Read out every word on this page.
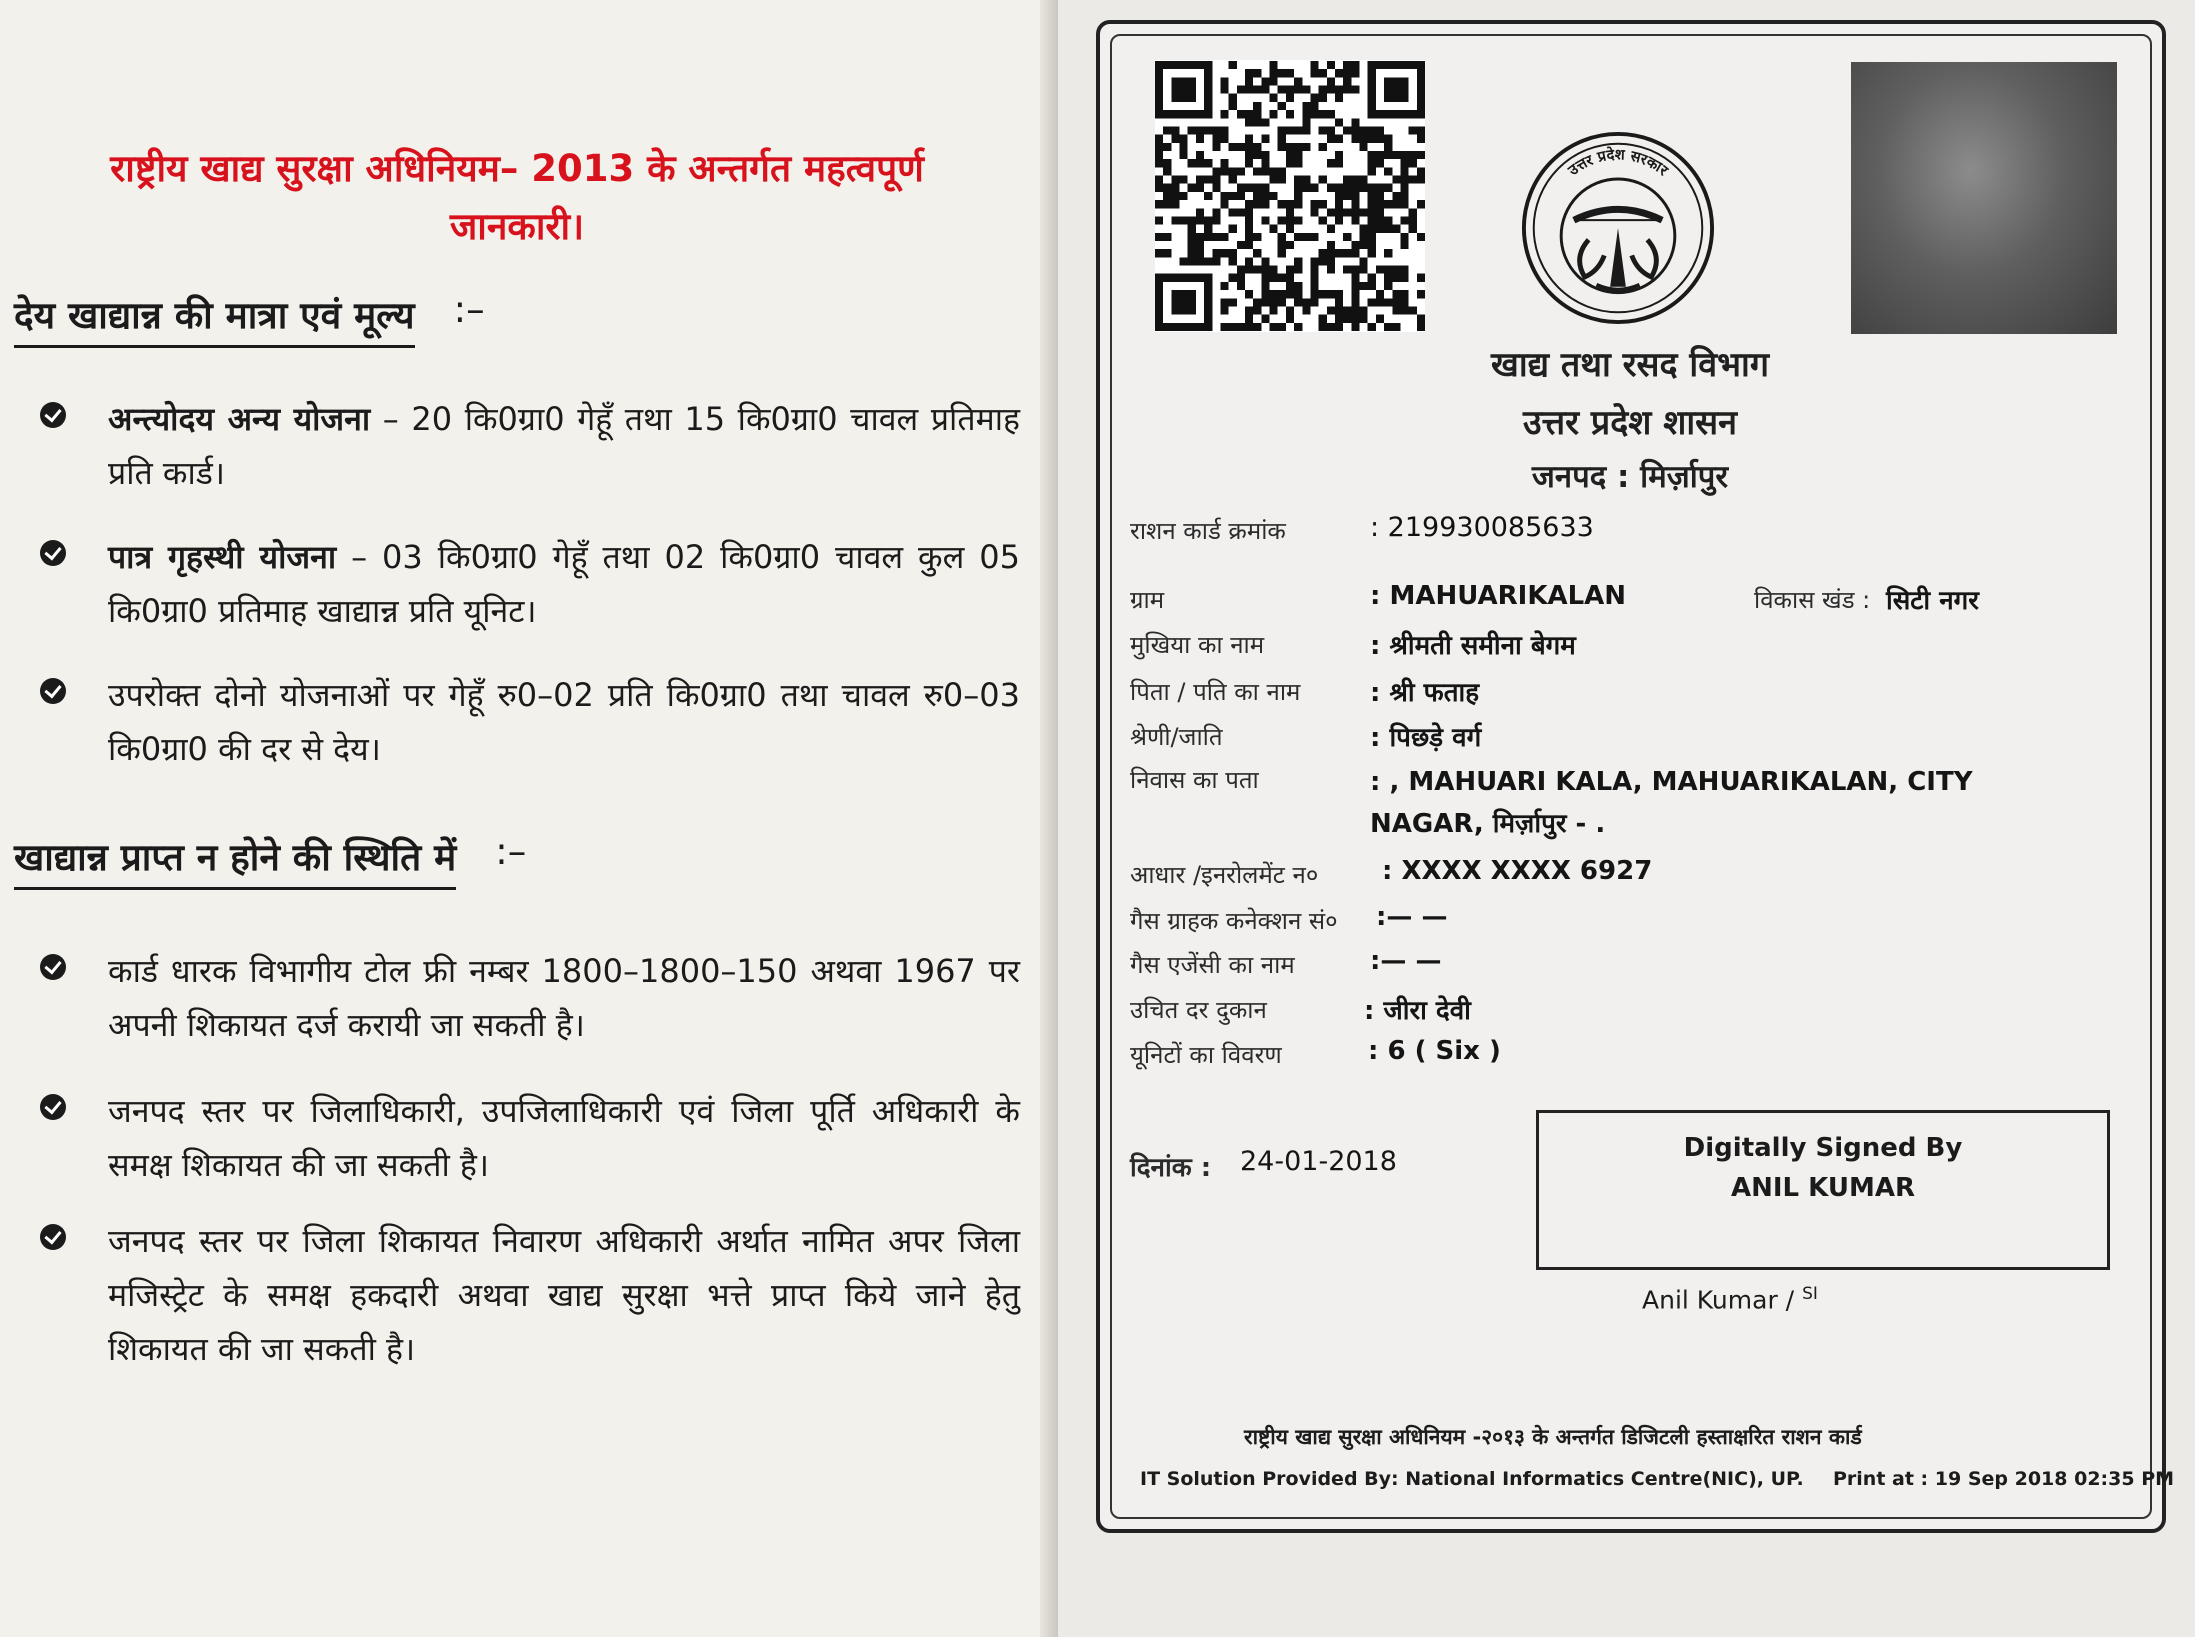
राष्ट्रीय खाद्य सुरक्षा अधिनियम– 2013 के अन्तर्गत महत्वपूर्ण
जानकारी।
देय खाद्यान्न की मात्रा एवं मूल्य :–
अन्त्योदय अन्य योजना – 20 कि0ग्रा0 गेहूँ तथा 15 कि0ग्रा0 चावल प्रतिमाह प्रति कार्ड।
पात्र गृहस्थी योजना – 03 कि0ग्रा0 गेहूँ तथा 02 कि0ग्रा0 चावल कुल 05 कि0ग्रा0 प्रतिमाह खाद्यान्न प्रति यूनिट।
उपरोक्त दोनो योजनाओं पर गेहूँ रु0–02 प्रति कि0ग्रा0 तथा चावल रु0–03 कि0ग्रा0 की दर से देय।
खाद्यान्न प्राप्त न होने की स्थिति में :–
कार्ड धारक विभागीय टोल फ्री नम्बर 1800–1800–150 अथवा 1967 पर अपनी शिकायत दर्ज करायी जा सकती है।
जनपद स्तर पर जिलाधिकारी, उपजिलाधिकारी एवं जिला पूर्ति अधिकारी के समक्ष शिकायत की जा सकती है।
जनपद स्तर पर जिला शिकायत निवारण अधिकारी अर्थात नामित अपर जिला मजिस्ट्रेट के समक्ष हकदारी अथवा खाद्य सुरक्षा भत्ते प्राप्त किये जाने हेतु शिकायत की जा सकती है।
उत्तर प्रदेश सरकार
खाद्य तथा रसद विभाग
उत्तर प्रदेश शासन
जनपद : मिर्ज़ापुर
राशन कार्ड क्रमांक	: 219930085633
ग्राम	: MAHUARIKALAN	विकास खंड : सिटी नगर
मुखिया का नाम	: श्रीमती समीना बेगम
पिता / पति का नाम	: श्री फताह
श्रेणी/जाति	: पिछड़े वर्ग
निवास का पता	: , MAHUARI KALA, MAHUARIKALAN, CITY NAGAR, मिर्ज़ापुर - .
आधार /इनरोलमेंट न० : XXXX XXXX 6927
गैस ग्राहक कनेक्शन सं० :— —
गैस एजेंसी का नाम	:— —
उचित दर दुकान	: जीरा देवी
यूनिटों का विवरण	: 6 ( Six )
दिनांक : 24-01-2018	Digitally Signed By
ANIL KUMAR
Anil Kumar / $^{SI}$
राष्ट्रीय खाद्य सुरक्षा अधिनियम -२०१३ के अन्तर्गत डिजिटली हस्ताक्षरित राशन कार्ड
IT Solution Provided By: National Informatics Centre(NIC), UP. Print at : 19 Sep 2018 02:35 PM
